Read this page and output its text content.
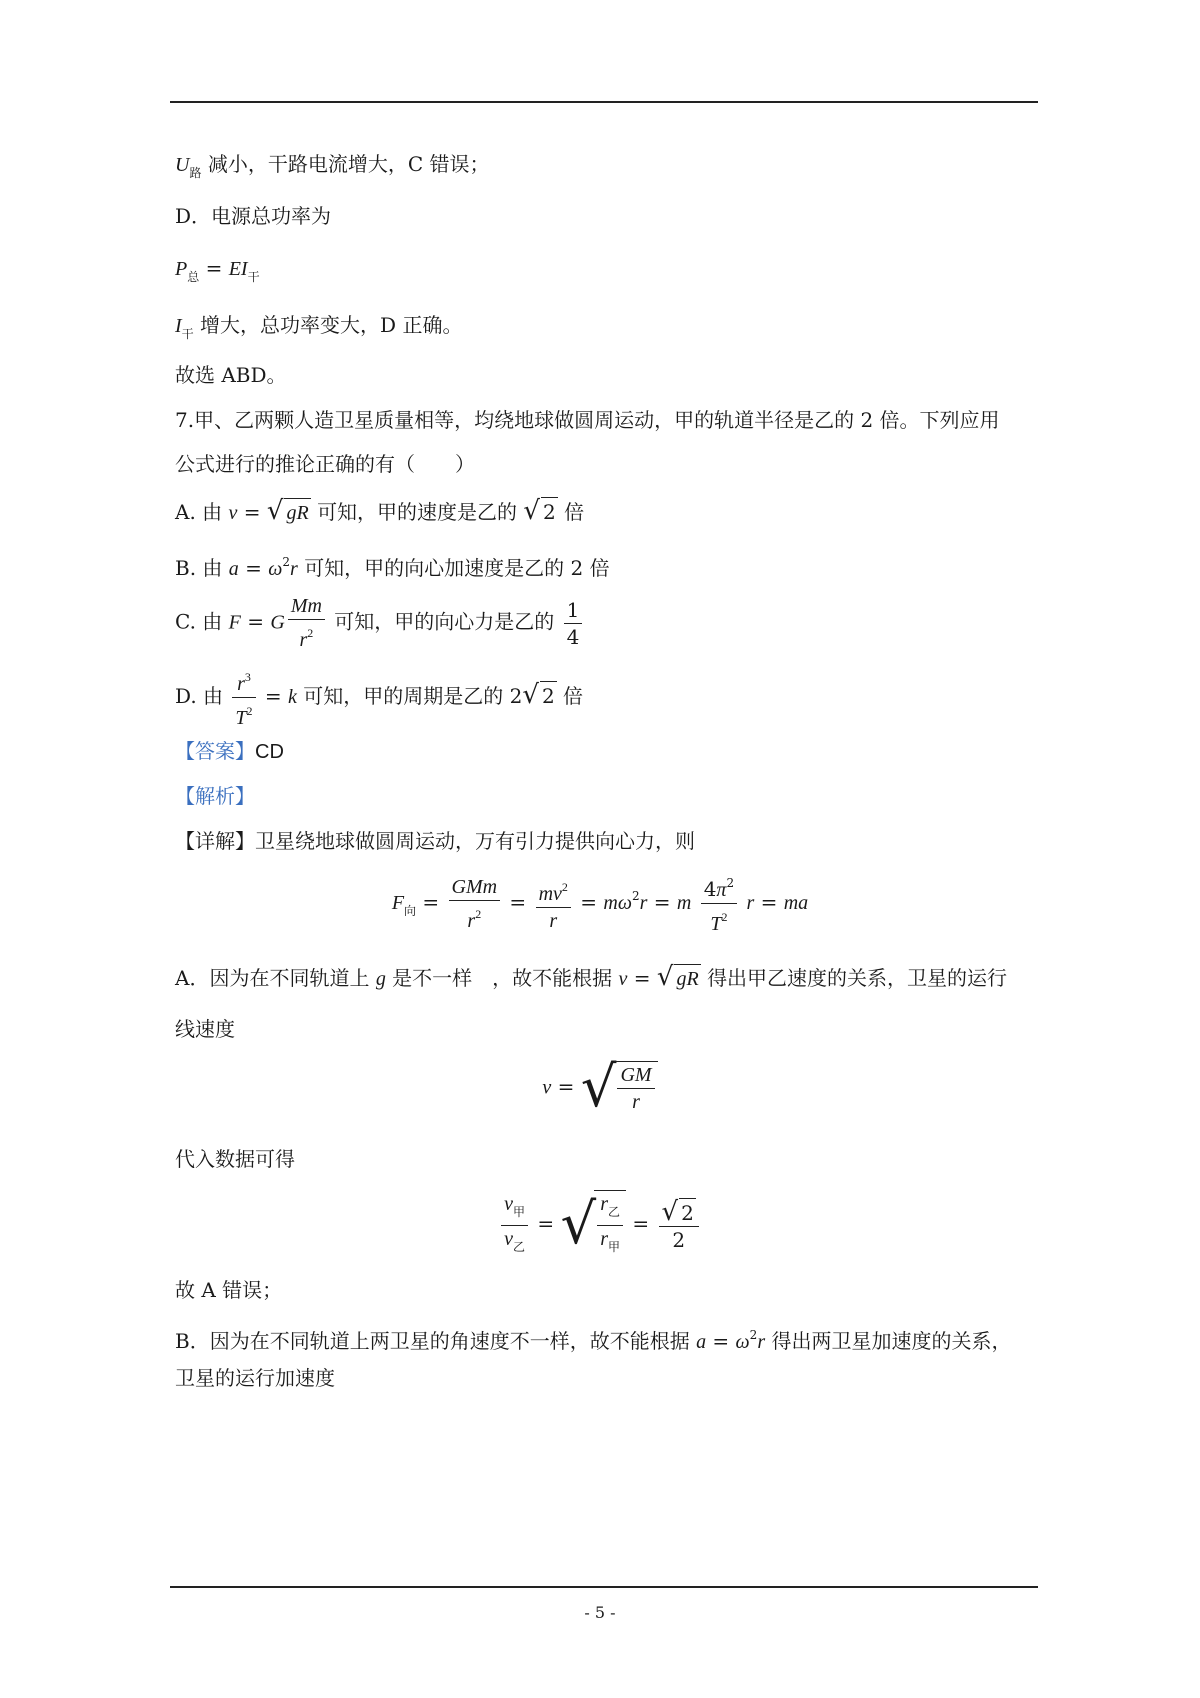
$U_路$ 减小，干路电流增大，C 错误；
D．电源总功率为
$P_总 = EI_干$
$I_干$ 增大，总功率变大，D 正确。
故选 ABD。
7.甲、乙两颗人造卫星质量相等，均绕地球做圆周运动，甲的轨道半径是乙的 2 倍。下列应用
公式进行的推论正确的有（　　）
A. 由 v = √ gR 可知，甲的速度是乙的 √ 2 倍
B. 由 $a = \omega^2r$ 可知，甲的向心加速度是乙的 2 倍
C. 由 F = G $\frac{Mm}{r^2}$ 可知，甲的向心力是乙的 $\frac{1}{4}$
D. 由 $\frac{r^3}{T^2} = k$ 可知，甲的周期是乙的 2√ 2 倍
【答案】CD
【解析】
【详解】卫星绕地球做圆周运动，万有引力提供向心力，则
$F_向 = \frac{\text{GMm}}{r^2} = \frac{mv^2}{r} = m\omega^2r = m \frac{4\pi^2}{T^2}$ r = ma
A．因为在不同轨道上 g 是不一样　，故不能根据 v = √ gR 得出甲乙速度的关系，卫星的运行
线速度
v = √ $\frac{GM}{r}$
代入数据可得
$\frac{v_甲}{v_乙}$ = √ $\frac{r_乙}{r_甲} = \frac{√ 2}{2}$
故 A 错误；
B．因为在不同轨道上两卫星的角速度不一样，故不能根据 $a = \omega^2r$ 得出两卫星加速度的关系，
卫星的运行加速度
- 5 -
